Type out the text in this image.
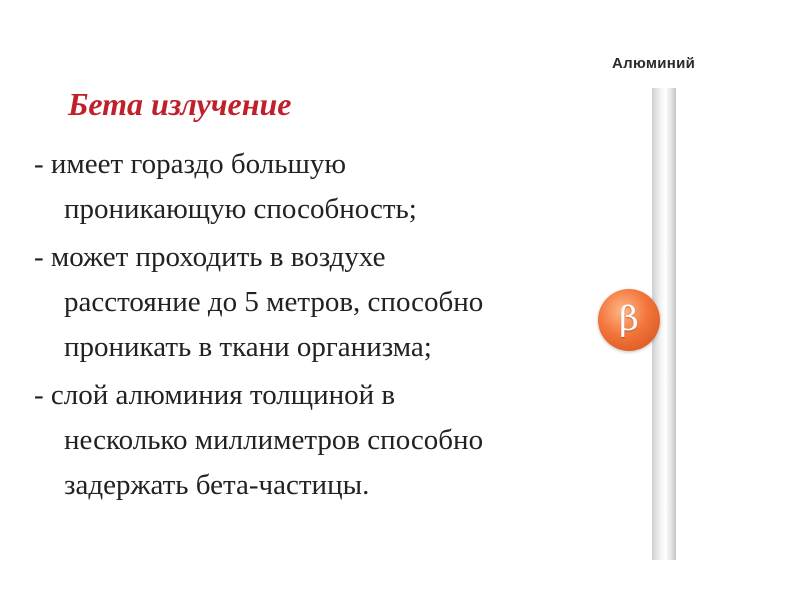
Бета излучение
- имеет гораздо большую
проникающую способность;
- может проходить в воздухе
расстояние до 5 метров, способно
проникать в ткани организма;
- слой алюминия толщиной в
несколько миллиметров способно
задержать бета-частицы.
Алюминий
β
